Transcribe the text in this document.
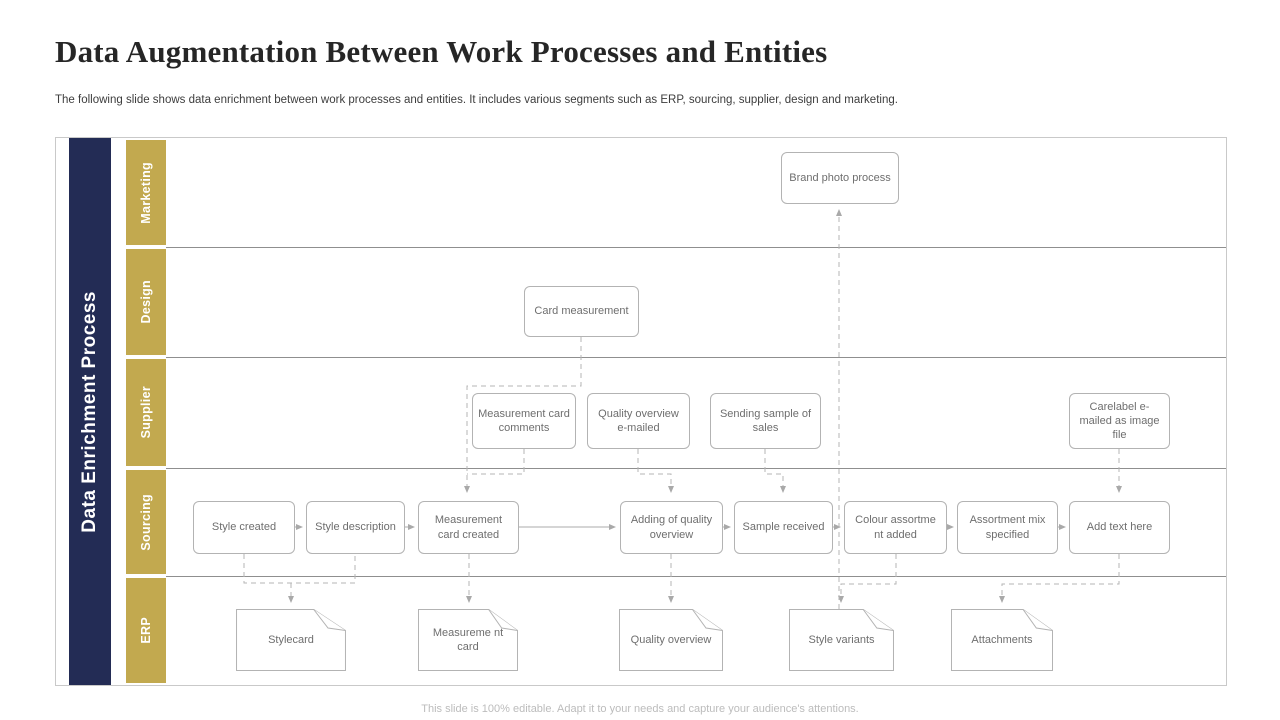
Data Augmentation Between Work Processes and Entities
The following slide shows data enrichment between work processes and entities. It includes various segments such as ERP, sourcing, supplier, design and marketing.
Data Enrichment Process
Marketing
Design
Supplier
Sourcing
ERP
Brand photo process
Card measurement
Measurement card comments
Quality overview e-mailed
Sending sample of sales
Carelabel e-mailed as image file
Style created	Style description
Measurement card created
Adding of quality overview
Sample received
Colour assortme nt added
Assortment mix specified
Add text here
Stylecard
Measureme nt card
Quality overview	Style variants	Attachments
This slide is 100% editable. Adapt it to your needs and capture your audience's attentions.
